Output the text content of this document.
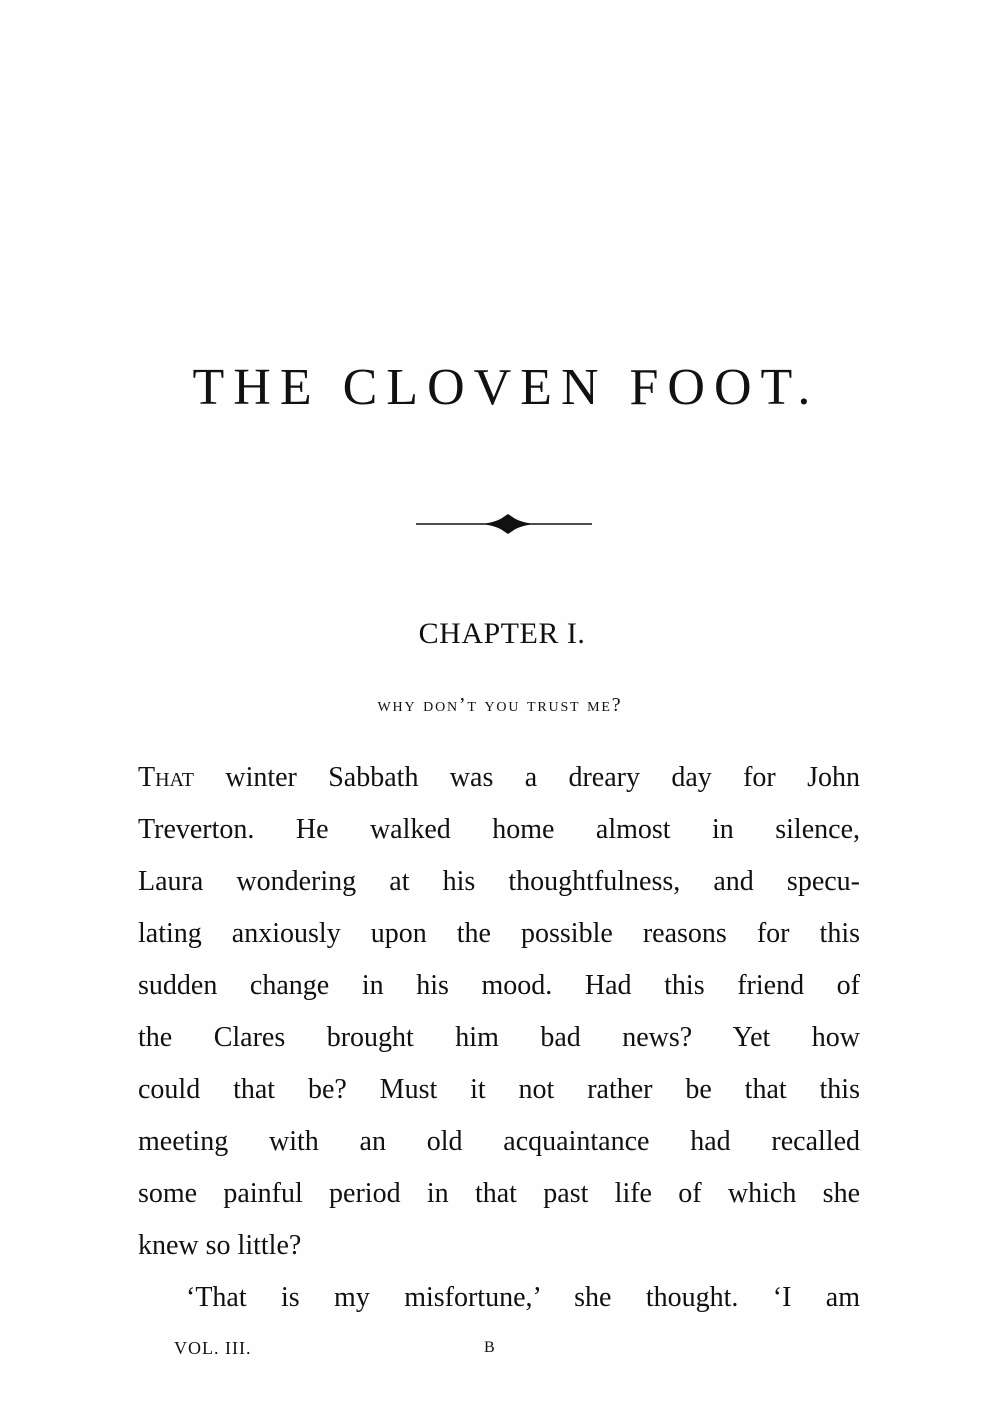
THE CLOVEN FOOT.
CHAPTER I.
why don’t you trust me?
That winter Sabbath was a dreary day for John
Treverton. He walked home almost in silence,
Laura wondering at his thoughtfulness, and specu-
lating anxiously upon the possible reasons for this
sudden change in his mood. Had this friend of
the Clares brought him bad news? Yet how
could that be? Must it not rather be that this
meeting with an old acquaintance had recalled
some painful period in that past life of which she
knew so little?
‘That is my misfortune,’ she thought. ‘I am
VOL. III.	B
